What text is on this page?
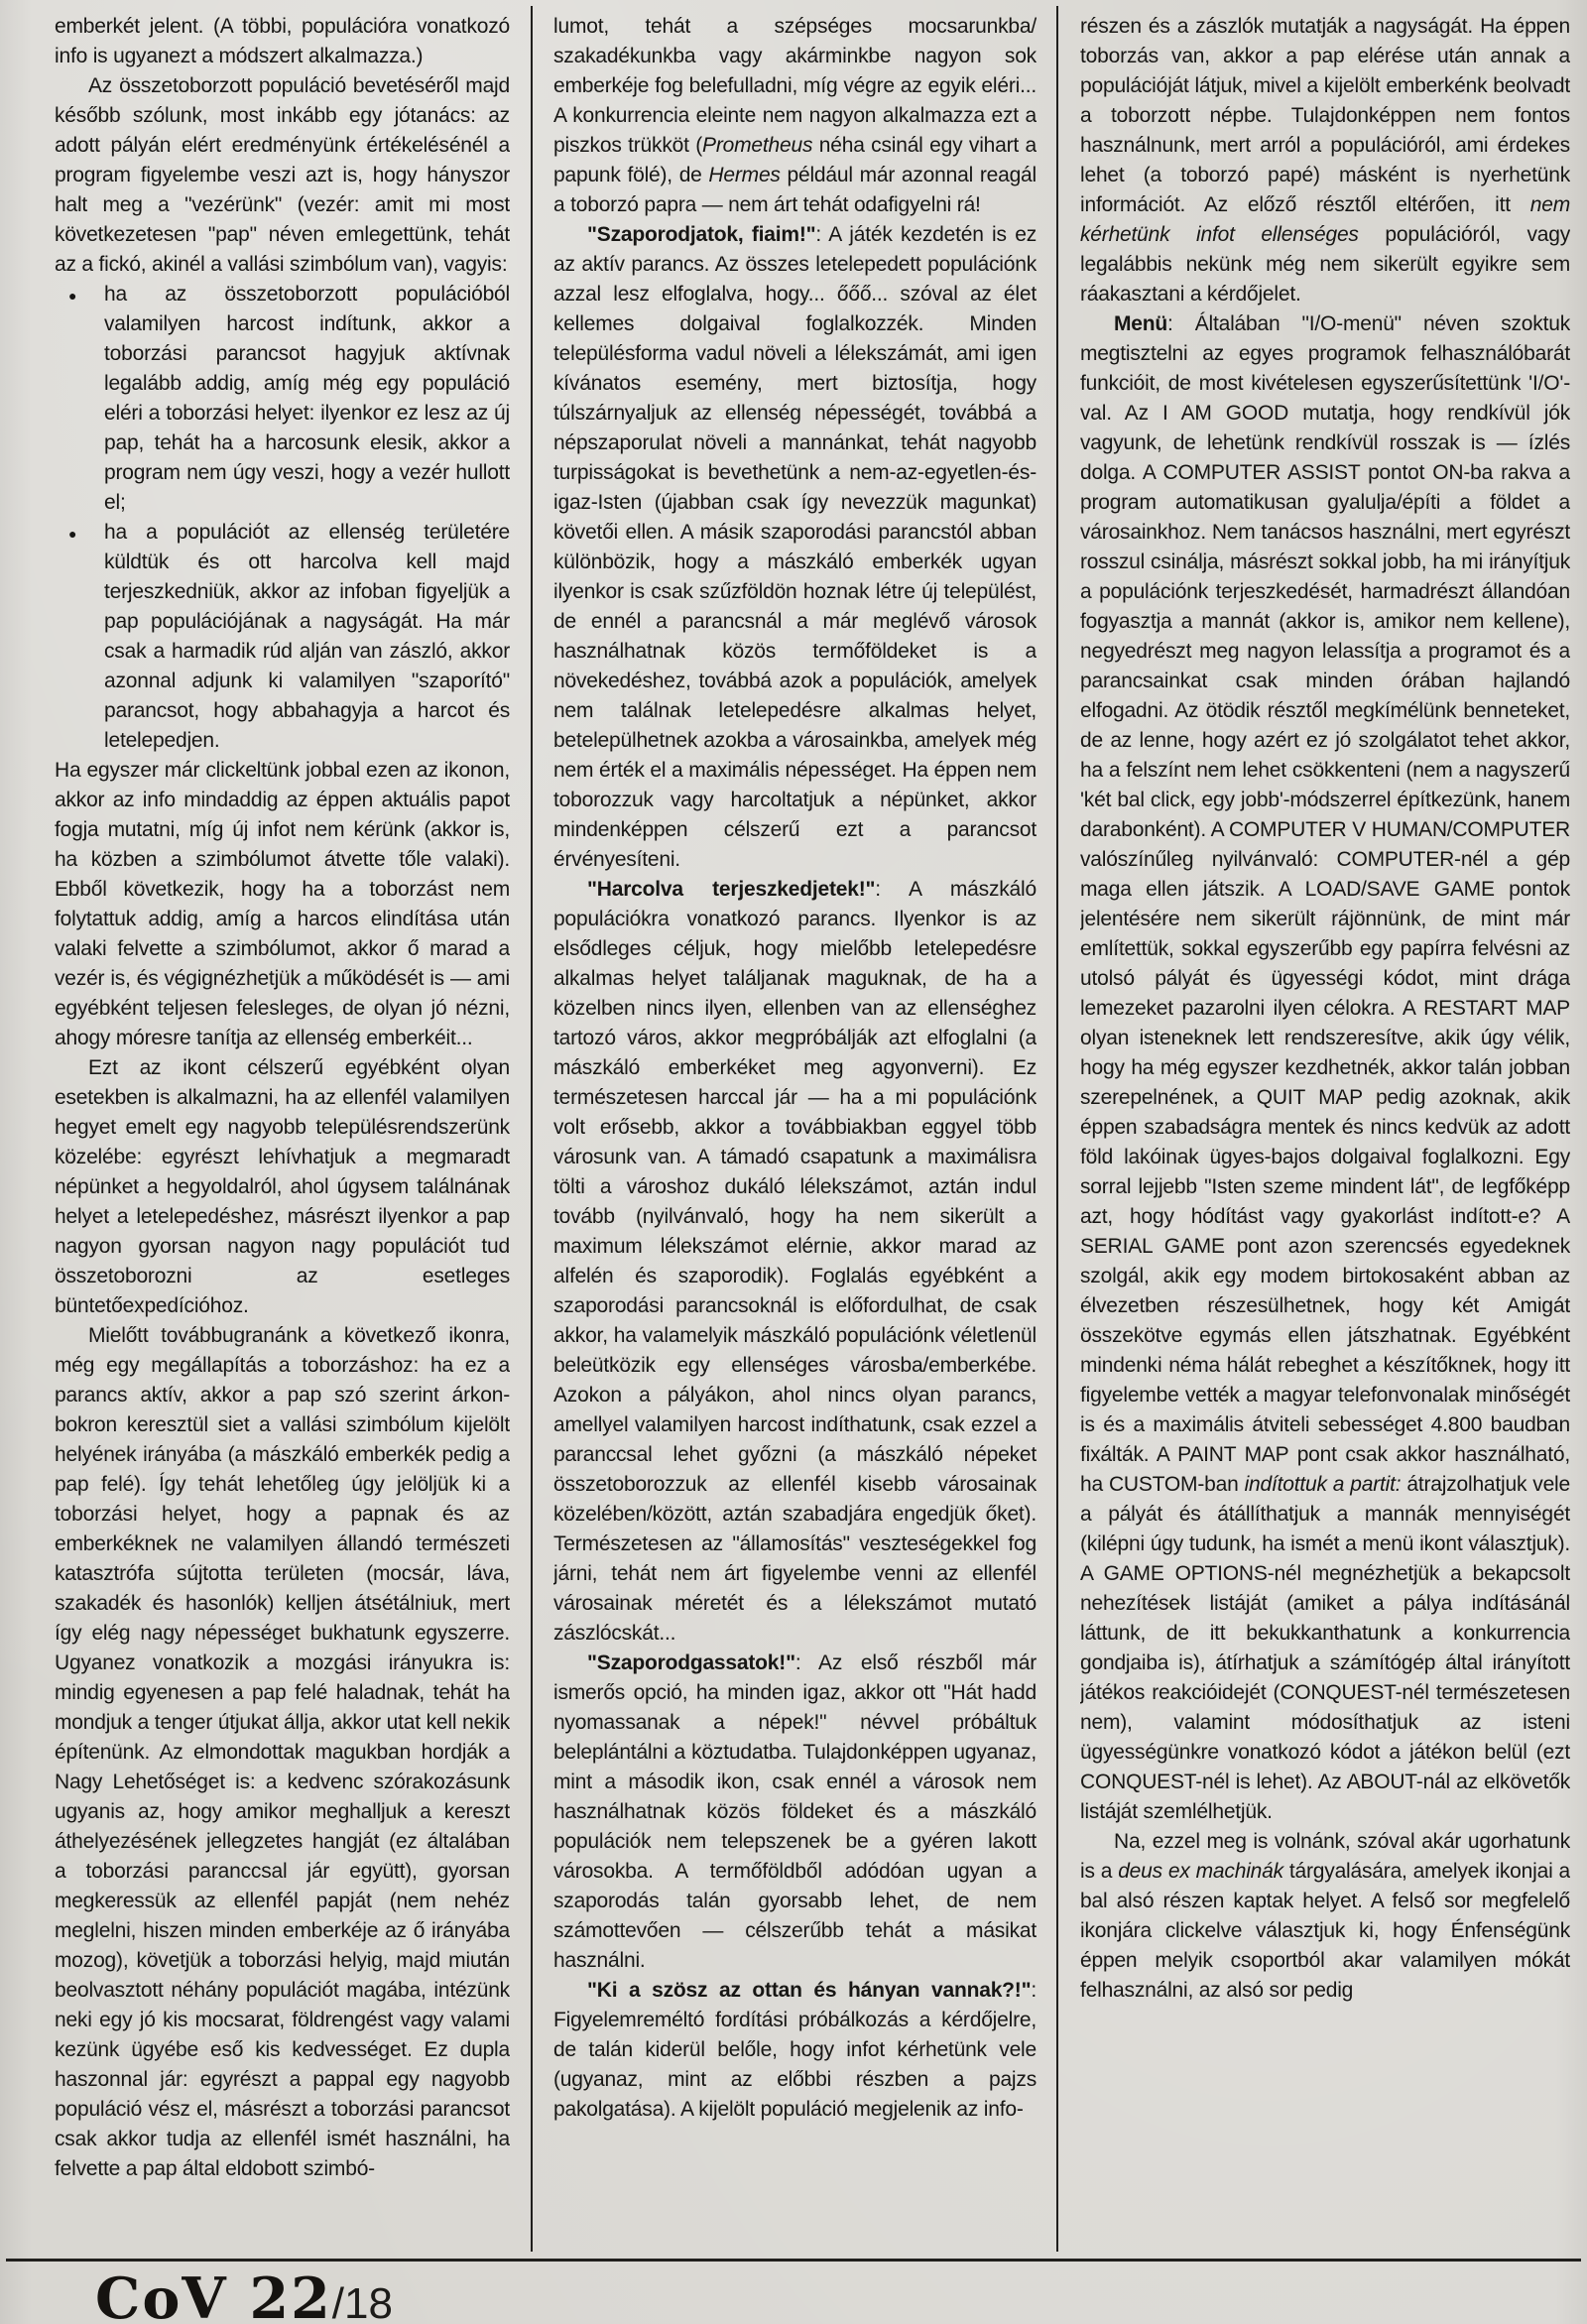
emberkét jelent. (A többi, populációra vonatkozó info is ugyanezt a módszert alkalmazza.)

Az összetoborzott populáció bevetéséről majd később szólunk, most inkább egy jótanács: az adott pályán elért eredményünk értékelésénél a program figyelembe veszi azt is, hogy hányszor halt meg a "vezérünk" (vezér: amit mi most következetesen "pap" néven emlegettünk, tehát az a fickó, akinél a vallási szimbólum van), vagyis:

● ha az összetoborzott populációból valamilyen harcost indítunk, akkor a toborzási parancsot hagyjuk aktívnak legalább addig, amíg még egy populáció eléri a toborzási helyet: ilyenkor ez lesz az új pap, tehát ha a harcosunk elesik, akkor a program nem úgy veszi, hogy a vezér hullott el;

● ha a populációt az ellenség területére küldtük és ott harcolva kell majd terjeszkedniük, akkor az infoban figyeljük a pap populációjának a nagyságát. Ha már csak a harmadik rúd alján van zászló, akkor azonnal adjunk ki valamilyen "szaporító" parancsot, hogy abbahagyja a harcot és letelepedjen.

Ha egyszer már clickeltünk jobbal ezen az ikonon, akkor az info mindaddig az éppen aktuális papot fogja mutatni, míg új infot nem kérünk (akkor is, ha közben a szimbólumot átvette tőle valaki). Ebből következik, hogy ha a toborzást nem folytattuk addig, amíg a harcos elindítása után valaki felvette a szimbólumot, akkor ő marad a vezér is, és végignézhetjük a működését is — ami egyébként teljesen felesleges, de olyan jó nézni, ahogy móresre tanítja az ellenség emberkéit...

Ezt az ikont célszerű egyébként olyan esetekben is alkalmazni, ha az ellenfél valamilyen hegyet emelt egy nagyobb településrendszerünk közelébe: egyrészt lehívhatjuk a megmaradt népünket a hegyoldalról, ahol úgysem találnának helyet a letelepedéshez, másrészt ilyenkor a pap nagyon gyorsan nagyon nagy populációt tud összetoborozni az esetleges büntetőexpedícióhoz.

Mielőtt továbbugranánk a következő ikonra, még egy megállapítás a toborzáshoz: ha ez a parancs aktív, akkor a pap szó szerint árkon-bokron keresztül siet a vallási szimbólum kijelölt helyének irányába (a mászkáló emberkék pedig a pap felé). Így tehát lehetőleg úgy jelöljük ki a toborzási helyet, hogy a papnak és az emberkéknek ne valamilyen állandó természeti katasztrófa sújtotta területen (mocsár, láva, szakadék és hasonlók) kelljen átsétálniuk, mert így elég nagy népességet bukhatunk egyszerre. Ugyanez vonatkozik a mozgási irányukra is: mindig egyenesen a pap felé haladnak, tehát ha mondjuk a tenger útjukat állja, akkor utat kell nekik építenünk. Az elmondottak magukban hordják a Nagy Lehetőséget is: a kedvenc szórakozásunk ugyanis az, hogy amikor meghalljuk a kereszt áthelyezésének jellegzetes hangját (ez általában a toborzási paranccsal jár együtt), gyorsan megkeressük az ellenfél papját (nem nehéz meglelni, hiszen minden emberkéje az ő irányába mozog), követjük a toborzási helyig, majd miután beolvasztott néhány populációt magába, intézünk neki egy jó kis mocsarat, földrengést vagy valami kezünk ügyébe eső kis kedvességet. Ez dupla haszonnal jár: egyrészt a pappal egy nagyobb populáció vész el, másrészt a toborzási parancsot csak akkor tudja az ellenfél ismét használni, ha felvette a pap által eldobott szimbó-

lumot, tehát a szépséges mocsarunkba/ szakadékunkba vagy akárminkbe nagyon sok emberkéje fog belefulladni, míg végre az egyik eléri... A konkurrencia eleinte nem nagyon alkalmazza ezt a piszkos trükköt (Prometheus néha csinál egy vihart a papunk fölé), de Hermes például már azonnal reagál a toborzó papra — nem árt tehát odafigyelni rá!

"Szaporodjatok, fiaim!": A játék kezdetén is ez az aktív parancs. Az összes letelepedett populációnk azzal lesz elfoglalva, hogy... őőő... szóval az élet kellemes dolgaival foglalkozzék. Minden településforma vadul növeli a lélekszámát, ami igen kívánatos esemény, mert biztosítja, hogy túlszárnyaljuk az ellenség népességét, továbbá a népszaporulat növeli a mannánkat, tehát nagyobb turpisságokat is bevethetünk a nem-az-egyetlen-és-igaz-Isten (újabban csak így nevezzük magunkat) követői ellen. A másik szaporodási parancstól abban különbözik, hogy a mászkáló emberkék ugyan ilyenkor is csak szűzföldön hoznak létre új települést, de ennél a parancsnál a már meglévő városok használhatnak közös termőföldeket is a növekedéshez, továbbá azok a populációk, amelyek nem találnak letelepedésre alkalmas helyet, betelepülhetnek azokba a városainkba, amelyek még nem érték el a maximális népességet. Ha éppen nem toborozzuk vagy harcoltatjuk a népünket, akkor mindenképpen célszerű ezt a parancsot érvényesíteni.

"Harcolva terjeszkedjetek!": A mászkáló populációkra vonatkozó parancs. Ilyenkor is az elsődleges céljuk, hogy mielőbb letelepedésre alkalmas helyet találjanak maguknak, de ha a közelben nincs ilyen, ellenben van az ellenséghez tartozó város, akkor megpróbálják azt elfoglalni (a mászkáló emberkéket meg agyonverni). Ez természetesen harccal jár — ha a mi populációnk volt erősebb, akkor a továbbiakban eggyel több városunk van. A támadó csapatunk a maximálisra tölti a városhoz dukáló lélekszámot, aztán indul tovább (nyilvánvaló, hogy ha nem sikerült a maximum lélekszámot elérnie, akkor marad az alfelén és szaporodik). Foglalás egyébként a szaporodási parancsoknál is előfordulhat, de csak akkor, ha valamelyik mászkáló populációnk véletlenül beleütközik egy ellenséges városba/emberkébe. Azokon a pályákon, ahol nincs olyan parancs, amellyel valamilyen harcost indíthatunk, csak ezzel a paranccsal lehet győzni (a mászkáló népeket összetoborozzuk az ellenfél kisebb városainak közelében/között, aztán szabadjára engedjük őket). Természetesen az "államosítás" veszteségekkel fog járni, tehát nem árt figyelembe venni az ellenfél városainak méretét és a lélekszámot mutató zászlócskát...

"Szaporodgassatok!": Az első részből már ismerős opció, ha minden igaz, akkor ott "Hát hadd nyomassanak a népek!" névvel próbáltuk beleplántálni a köztudatba. Tulajdonképpen ugyanaz, mint a második ikon, csak ennél a városok nem használhatnak közös földeket és a mászkáló populációk nem telepszenek be a gyéren lakott városokba. A termőföldből adódóan ugyan a szaporodás talán gyorsabb lehet, de nem számottevően — célszerűbb tehát a másikat használni.

"Ki a szösz az ottan és hányan vannak?!": Figyelemreméltó fordítási próbálkozás a kérdőjelre, de talán kiderül belőle, hogy infot kérhetünk vele (ugyanaz, mint az előbbi részben a pajzs pakolgatása). A kijelölt populáció megjelenik az info-

részen és a zászlók mutatják a nagyságát. Ha éppen toborzás van, akkor a pap elérése után annak a populációját látjuk, mivel a kijelölt emberkénk beolvadt a toborzott népbe. Tulajdonképpen nem fontos használnunk, mert arról a populációról, ami érdekes lehet (a toborzó papé) másként is nyerhetünk információt. Az előző résztől eltérően, itt nem kérhetünk infot ellenséges populációról, vagy legalábbis nekünk még nem sikerült egyikre sem ráakasztani a kérdőjelet.

Menü: Általában "I/O-menü" néven szoktuk megtisztelni az egyes programok felhasználóbarát funkcióit, de most kivételesen egyszerűsítettünk 'I/O'-val. Az I AM GOOD mutatja, hogy rendkívül jók vagyunk, de lehetünk rendkívül rosszak is — ízlés dolga. A COMPUTER ASSIST pontot ON-ba rakva a program automatikusan gyalulja/építi a földet a városainkhoz. Nem tanácsos használni, mert egyrészt rosszul csinálja, másrészt sokkal jobb, ha mi irányítjuk a populációnk terjeszkedését, harmadrészt állandóan fogyasztja a mannát (akkor is, amikor nem kellene), negyedrészt meg nagyon lelassítja a programot és a parancsainkat csak minden órában hajlandó elfogadni. Az ötödik résztől megkímélünk benneteket, de az lenne, hogy azért ez jó szolgálatot tehet akkor, ha a felszínt nem lehet csökkenteni (nem a nagyszerű 'két bal click, egy jobb'-módszerrel építkezünk, hanem darabonként). A COMPUTER V HUMAN/COMPUTER valószínűleg nyilvánvaló: COMPUTER-nél a gép maga ellen játszik. A LOAD/SAVE GAME pontok jelentésére nem sikerült rájönnünk, de mint már említettük, sokkal egyszerűbb egy papírra felvésni az utolsó pályát és ügyességi kódot, mint drága lemezeket pazarolni ilyen célokra. A RESTART MAP olyan isteneknek lett rendszeresítve, akik úgy vélik, hogy ha még egyszer kezdhetnék, akkor talán jobban szerepelnének, a QUIT MAP pedig azoknak, akik éppen szabadságra mentek és nincs kedvük az adott föld lakóinak ügyes-bajos dolgaival foglalkozni. Egy sorral lejjebb "Isten szeme mindent lát", de legfőképp azt, hogy hódítást vagy gyakorlást indított-e? A SERIAL GAME pont azon szerencsés egyedeknek szolgál, akik egy modem birtokosaként abban az élvezetben részesülhetnek, hogy két Amigát összekötve egymás ellen játszhatnak. Egyébként mindenki néma hálát rebeghet a készítőknek, hogy itt figyelembe vették a magyar telefonvonalak minőségét is és a maximális átviteli sebességet 4.800 baudban fixálták. A PAINT MAP pont csak akkor használható, ha CUSTOM-ban indítottuk a partit: átrajzolhatjuk vele a pályát és átállíthatjuk a mannák mennyiségét (kilépni úgy tudunk, ha ismét a menü ikont választjuk). A GAME OPTIONS-nél megnézhetjük a bekapcsolt nehezítések listáját (amiket a pálya indításánál láttunk, de itt bekukkanthatunk a konkurrencia gondjaiba is), átírhatjuk a számítógép által irányított játékos reakcióidejét (CONQUEST-nél természetesen nem), valamint módosíthatjuk az isteni ügyességünkre vonatkozó kódot a játékon belül (ezt CONQUEST-nél is lehet). Az ABOUT-nál az elkövetők listáját szemlélhetjük.

Na, ezzel meg is volnánk, szóval akár ugorhatunk is a deus ex machinák tárgyalására, amelyek ikonjai a bal alsó részen kaptak helyet. A felső sor megfelelő ikonjára clickelve választjuk ki, hogy Énfenségünk éppen melyik csoportból akar valamilyen mókát felhasználni, az alsó sor pedig

CoV 22/18
